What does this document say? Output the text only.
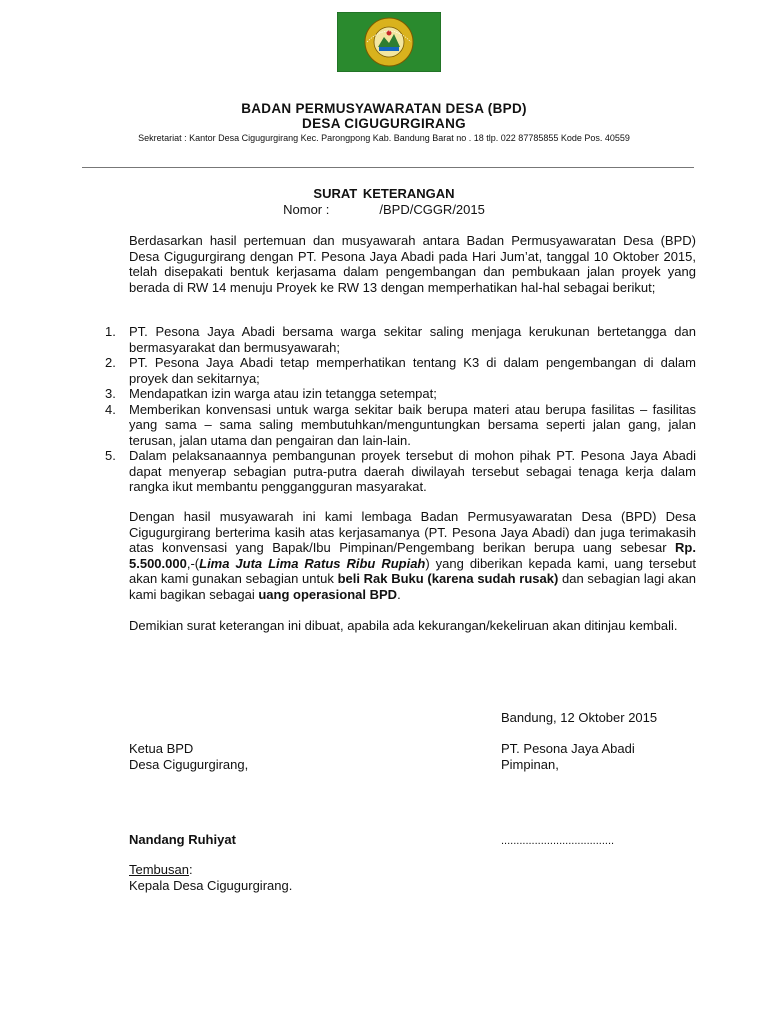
BADAN PERMUSYAWARATAN DESA (BPD)
DESA CIGUGURGIRANG
Sekretariat : Kantor Desa Cigugurgirang Kec. Parongpong Kab. Bandung Barat no . 18 tlp. 022 87785855 Kode Pos. 40559
SURAT KETERANGAN
Nomor :	/BPD/CGGR/2015

Berdasarkan hasil pertemuan dan musyawarah antara Badan Permusyawaratan Desa (BPD) Desa Cigugurgirang dengan PT. Pesona Jaya Abadi pada Hari Jum’at, tanggal 10 Oktober 2015, telah disepakati bentuk kerjasama dalam pengembangan dan pembukaan jalan proyek yang berada di RW 14 menuju Proyek ke RW 13 dengan memperhatikan hal-hal sebagai berikut;

1. PT. Pesona Jaya Abadi bersama warga sekitar saling menjaga kerukunan bertetangga dan bermasyarakat dan bermusyawarah;
2. PT. Pesona Jaya Abadi tetap memperhatikan tentang K3 di dalam pengembangan di dalam proyek dan sekitarnya;
3. Mendapatkan izin warga atau izin tetangga setempat;
4. Memberikan konvensasi untuk warga sekitar baik berupa materi atau berupa fasilitas – fasilitas yang sama – sama saling membutuhkan/menguntungkan bersama seperti jalan gang, jalan terusan, jalan utama dan pengairan dan lain-lain.
5. Dalam pelaksanaannya pembangunan proyek tersebut di mohon pihak PT. Pesona Jaya Abadi dapat menyerap sebagian putra-putra daerah diwilayah tersebut sebagai tenaga kerja dalam rangka ikut membantu penggangguran masyarakat.

Dengan hasil musyawarah ini kami lembaga Badan Permusyawaratan Desa (BPD) Desa Cigugurgirang berterima kasih atas kerjasamanya (PT. Pesona Jaya Abadi) dan juga terimakasih atas konvensasi yang Bapak/Ibu Pimpinan/Pengembang berikan berupa uang sebesar Rp. 5.500.000,-(Lima Juta Lima Ratus Ribu Rupiah) yang diberikan kepada kami, uang tersebut akan kami gunakan sebagian untuk beli Rak Buku (karena sudah rusak) dan sebagian lagi akan kami bagikan sebagai uang operasional BPD.

Demikian surat keterangan ini dibuat, apabila ada kekurangan/kekeliruan akan ditinjau kembali.

Bandung, 12 Oktober 2015
Ketua BPD
Desa Cigugurgirang,
PT. Pesona Jaya Abadi
Pimpinan,
Nandang Ruhiyat	.....................................
Tembusan:
Kepala Desa Cigugurgirang.
